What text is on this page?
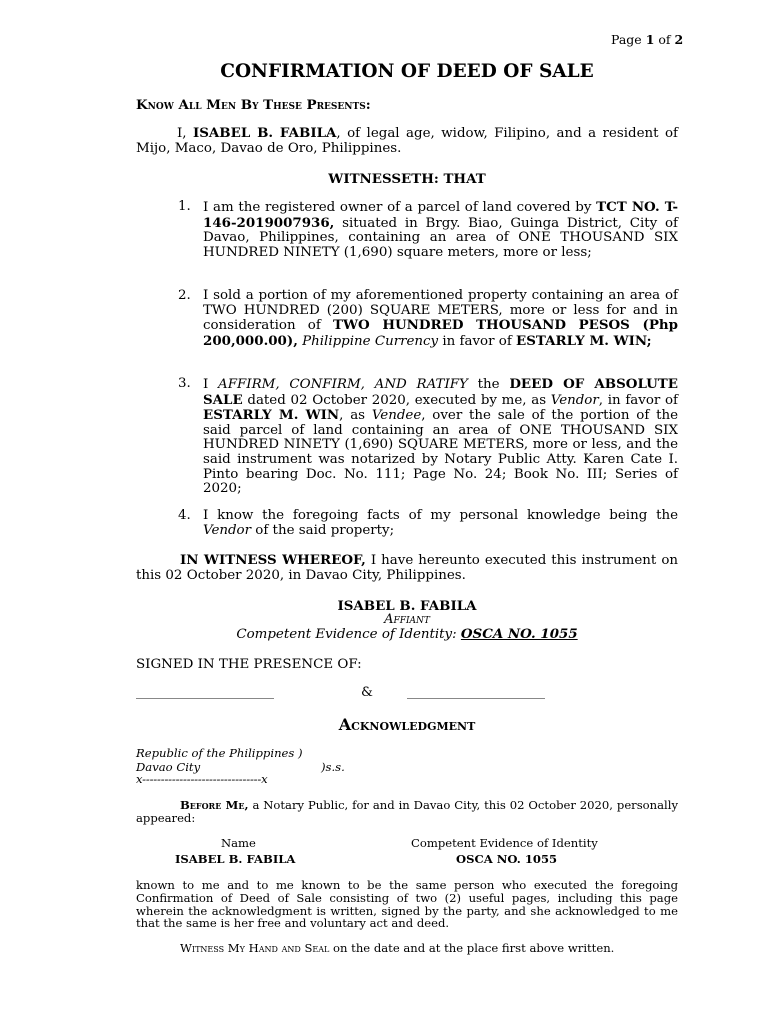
Page 1 of 2
CONFIRMATION OF DEED OF SALE
Know All Men By These Presents:

I, ISABEL B. FABILA, of legal age, widow, Filipino, and a resident of Mijo, Maco, Davao de Oro, Philippines.

WITNESSETH: THAT
1. I am the registered owner of a parcel of land covered by TCT NO. T-146-2019007936, situated in Brgy. Biao, Guinga District, City of Davao, Philippines, containing an area of ONE THOUSAND SIX HUNDRED NINETY (1,690) square meters, more or less;

2. I sold a portion of my aforementioned property containing an area of TWO HUNDRED (200) SQUARE METERS, more or less for and in consideration of TWO HUNDRED THOUSAND PESOS (Php 200,000.00), Philippine Currency in favor of ESTARLY M. WIN;

3. I AFFIRM, CONFIRM, AND RATIFY the DEED OF ABSOLUTE SALE dated 02 October 2020, executed by me, as Vendor, in favor of ESTARLY M. WIN, as Vendee, over the sale of the portion of the said parcel of land containing an area of ONE THOUSAND SIX HUNDRED NINETY (1,690) SQUARE METERS, more or less, and the said instrument was notarized by Notary Public Atty. Karen Cate I. Pinto bearing Doc. No. 111; Page No. 24; Book No. III; Series of 2020;

4. I know the foregoing facts of my personal knowledge being the Vendor of the said property;

IN WITNESS WHEREOF, I have hereunto executed this instrument on this 02 October 2020, in Davao City, Philippines.

ISABEL B. FABILA
Affiant
Competent Evidence of Identity: OSCA NO. 1055
SIGNED IN THE PRESENCE OF:
_______________________	&	_______________________
Acknowledgment
Republic of the Philippines )
Davao City	)s.s.
x--------------------------------x

Before Me, a Notary Public, for and in Davao City, this 02 October 2020, personally appeared:

Name	Competent Evidence of Identity
ISABEL B. FABILA	OSCA NO. 1055

known to me and to me known to be the same person who executed the foregoing Confirmation of Deed of Sale consisting of two (2) useful pages, including this page wherein the acknowledgment is written, signed by the party, and she acknowledged to me that the same is her free and voluntary act and deed.

Witness My Hand and Seal on the date and at the place first above written.
